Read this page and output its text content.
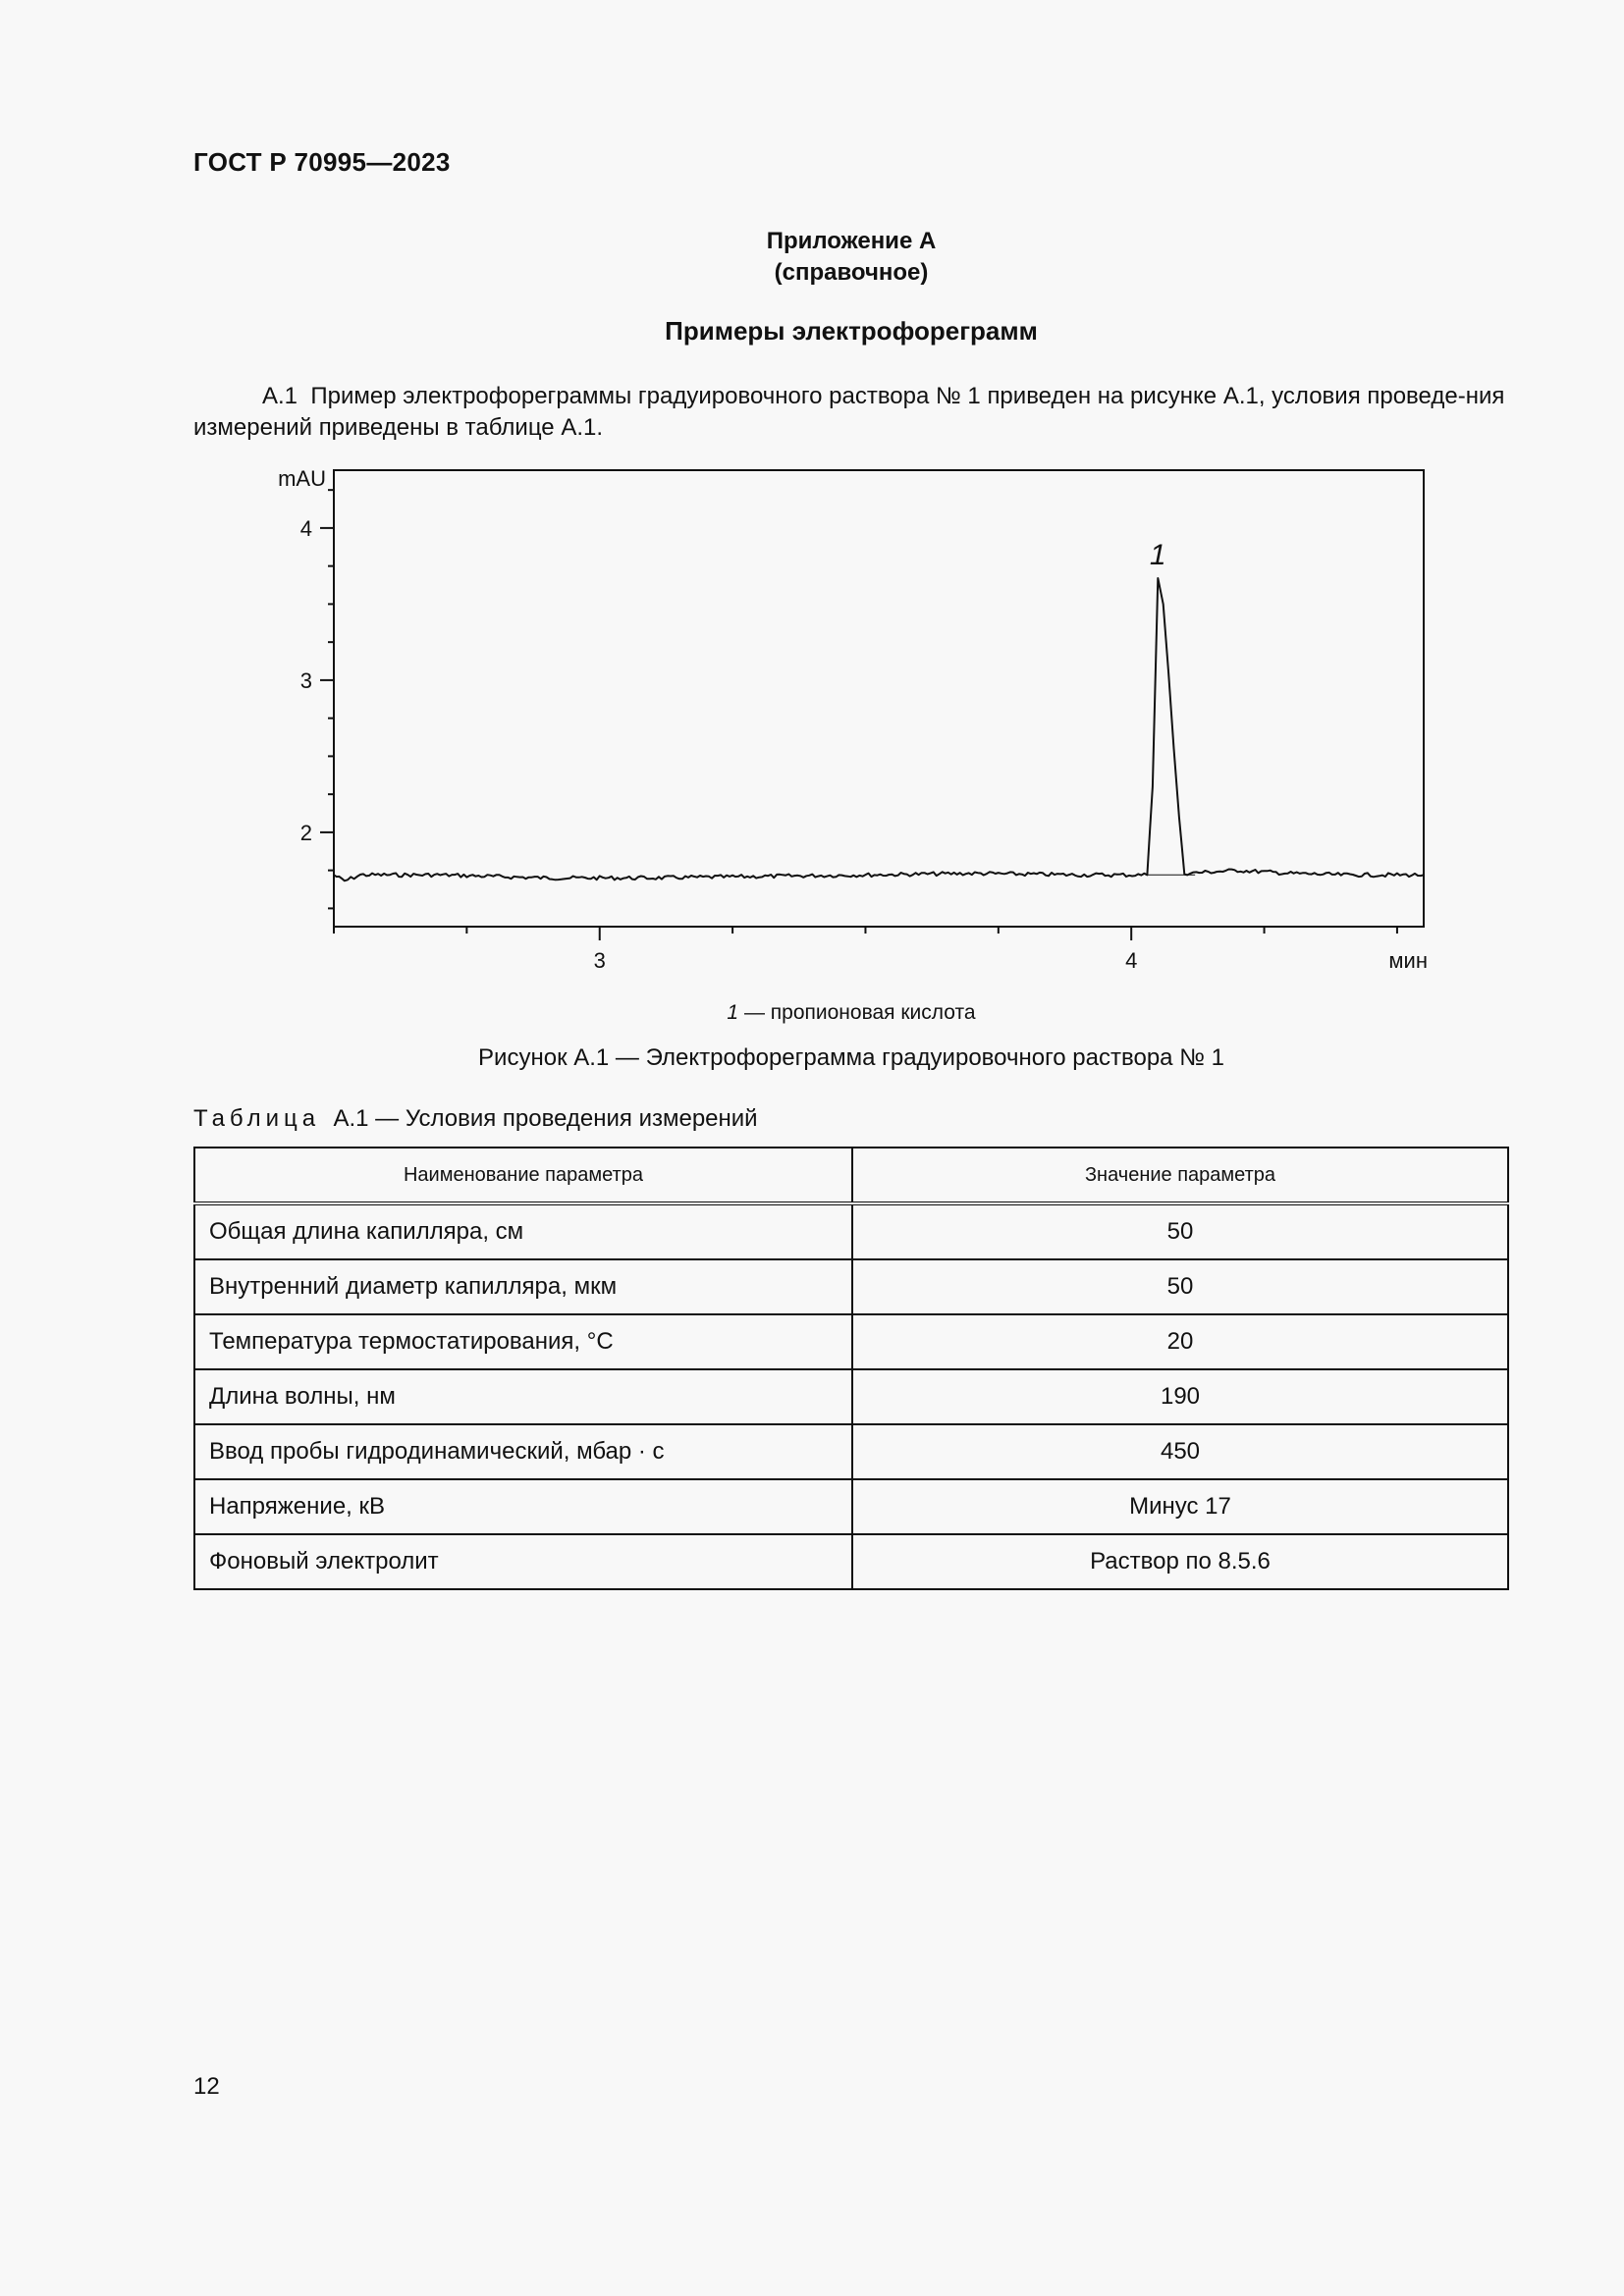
ГОСТ Р 70995—2023
Приложение А
(справочное)
Примеры электрофореграмм
А.1 Пример электрофореграммы градуировочного раствора № 1 приведен на рисунке А.1, условия проведе-ния измерений приведены в таблице А.1.
2
3
4
mAU
3	4	мин
1
1 — пропионовая кислота
Рисунок А.1 — Электрофореграмма градуировочного раствора № 1
Таблица А.1 — Условия проведения измерений
Наименование параметра	Значение параметра
Общая длина капилляра, см	50
Внутренний диаметр капилляра, мкм	50
Температура термостатирования, °С	20
Длина волны, нм	190
Ввод пробы гидродинамический, мбар · с	450
Напряжение, кВ	Минус 17
Фоновый электролит	Раствор по 8.5.6
12
